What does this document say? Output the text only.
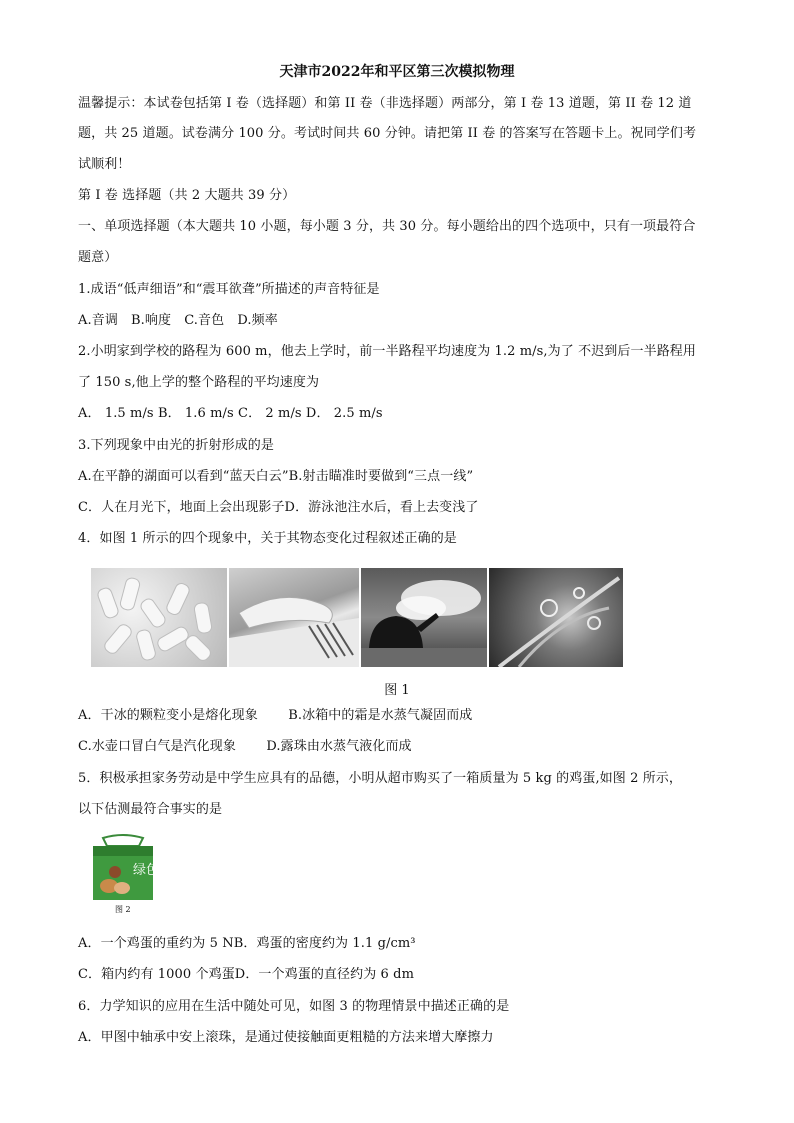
天津市2022年和平区第三次模拟物理
温馨提示：本试卷包括第 I 卷（选择题）和第 II 卷（非选择题）两部分，第 I 卷 13 道题，第 II 卷 12 道
题，共 25 道题。试卷满分 100 分。考试时间共 60 分钟。请把第 II 卷 的答案写在答题卡上。祝同学们考
试顺利！
第 I 卷 选择题（共 2 大题共 39 分）
一、单项选择题（本大题共 10 小题，每小题 3 分，共 30 分。每小题给出的四个选项中，只有一项最符合
题意）
1.成语“低声细语”和“震耳欲聋”所描述的声音特征是
A.音调　B.响度　C.音色　D.频率
2.小明家到学校的路程为 600 m，他去上学时，前一半路程平均速度为 1.2 m/s,为了 不迟到后一半路程用
了 150 s,他上学的整个路程的平均速度为
A． 1.5 m/s B． 1.6 m/s C． 2 m/s D． 2.5 m/s
3.下列现象中由光的折射形成的是
A.在平静的湖面可以看到“蓝天白云”B.射击瞄准时要做到“三点一线”
C．人在月光下，地面上会出现影子D．游泳池注水后，看上去变浅了
4．如图 1 所示的四个现象中，关于其物态变化过程叙述正确的是
图 1
A．干冰的颗粒变小是熔化现象　　 B.冰箱中的霜是水蒸气凝固而成
C.水壶口冒白气是汽化现象　　 D.露珠由水蒸气液化而成
5．积极承担家务劳动是中学生应具有的品德，小明从超市购买了一箱质量为 5 kg 的鸡蛋,如图 2 所示，
以下估测最符合事实的是
绿色
图 2
A．一个鸡蛋的重约为 5 NB．鸡蛋的密度约为 1.1 g/cm³
C．箱内约有 1000 个鸡蛋D．一个鸡蛋的直径约为 6 dm
6．力学知识的应用在生活中随处可见，如图 3 的物理情景中描述正确的是
A．甲图中轴承中安上滚珠，是通过使接触面更粗糙的方法来增大摩擦力
